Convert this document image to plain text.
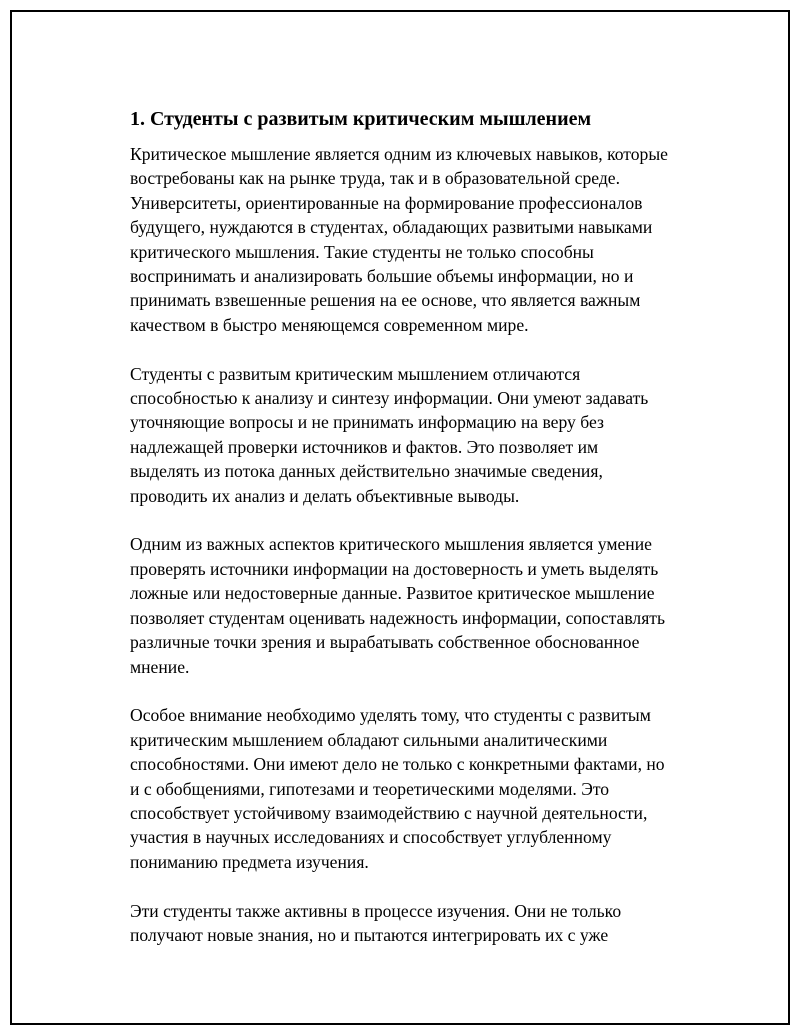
1. Студенты с развитым критическим мышлением
Критическое мышление является одним из ключевых навыков, которые
востребованы как на рынке труда, так и в образовательной среде.
Университеты, ориентированные на формирование профессионалов
будущего, нуждаются в студентах, обладающих развитыми навыками
критического мышления. Такие студенты не только способны
воспринимать и анализировать большие объемы информации, но и
принимать взвешенные решения на ее основе, что является важным
качеством в быстро меняющемся современном мире.
Студенты с развитым критическим мышлением отличаются
способностью к анализу и синтезу информации. Они умеют задавать
уточняющие вопросы и не принимать информацию на веру без
надлежащей проверки источников и фактов. Это позволяет им
выделять из потока данных действительно значимые сведения,
проводить их анализ и делать объективные выводы.
Одним из важных аспектов критического мышления является умение
проверять источники информации на достоверность и уметь выделять
ложные или недостоверные данные. Развитое критическое мышление
позволяет студентам оценивать надежность информации, сопоставлять
различные точки зрения и вырабатывать собственное обоснованное
мнение.
Особое внимание необходимо уделять тому, что студенты с развитым
критическим мышлением обладают сильными аналитическими
способностями. Они имеют дело не только с конкретными фактами, но
и с обобщениями, гипотезами и теоретическими моделями. Это
способствует устойчивому взаимодействию с научной деятельности,
участия в научных исследованиях и способствует углубленному
пониманию предмета изучения.
Эти студенты также активны в процессе изучения. Они не только
получают новые знания, но и пытаются интегрировать их с уже
